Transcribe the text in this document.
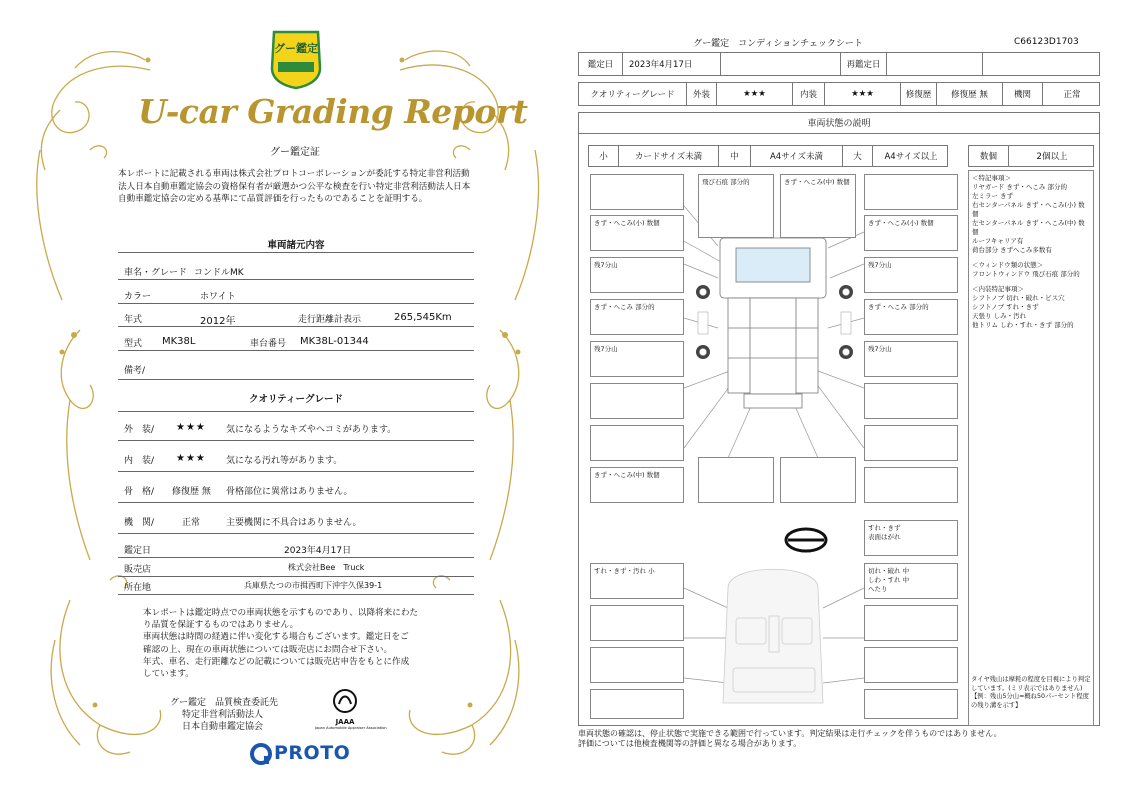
グー鑑定
U-car Grading Report
グー鑑定証
本レポートに記載される車両は株式会社プロトコーポレーションが委託する特定非営利活動法人日本自動車鑑定協会の資格保有者が厳選かつ公平な検査を行い特定非営利活動法人日本自動車鑑定協会の定める基準にて品質評価を行ったものであることを証明する。
車両諸元内容
車名・グレード コンドルMK
カラー	ホワイト
年式	2012年	走行距離計表示	265,545Km
型式 MK38L	車台番号 MK38L-01344
備考/
クオリティーグレード
外　装/ ★★★ 気になるようなキズやヘコミがあります。
内　装/ ★★★ 気になる汚れ等があります。
骨　格/ 修復歴 無 骨格部位に異常はありません。
機　関/	正常	主要機関に不具合はありません。
鑑定日	2023年4月17日
販売店	株式会社Bee　Truck
所在地	兵庫県たつの市揖西町下沖宇久保39-1
本レポートは鑑定時点での車両状態を示すものであり、以降将来にわた
り品質を保証するものではありません。
車両状態は時間の経過に伴い変化する場合もございます。鑑定日をご
確認の上、現在の車両状態については販売店にお問合せ下さい。
年式、車名、走行距離などの記載については販売店申告をもとに作成
しています。
グー鑑定　品質検査委託先
特定非営利活動法人
日本自動車鑑定協会	JAAA
Japan Automobile Appraiser Association
PROTO
グー鑑定　コンディションチェックシート	C66123D1703
鑑定日	2023年4月17日	再鑑定日
クオリティーグレード	外装	★★★	内装	★★★	修復歴	修復歴 無	機関	正常
車両状態の説明
小	カードサイズ未満	中	A4サイズ未満	大	A4サイズ以上	数個	2個以上
飛び石痕 部分的	きず・へこみ(中) 数個
きず・へこみ(小) 数個	きず・へこみ(小) 数個
残7分山	残7分山
きず・へこみ 部分的	きず・へこみ 部分的
残7分山	残7分山
きず・へこみ(中) 数個
すれ・きず
表面はがれ
すれ・きず・汚れ 小	切れ・破れ 中
しわ・すれ 中
へたり

＜特記事項＞

リヤガード きず・へこみ 部分的

左ミラー きず

右センターパネル きず・へこみ(小) 数個

左センターパネル きず・へこみ(中) 数個

ルーフキャリア有

荷台部分 きずへこみ多数有

＜ウィンドウ類の状態＞

フロントウィンドウ 飛び石痕 部分的

＜内装特記事項＞

シフトノブ 切れ・破れ・ビス穴

シフトノブ すれ・きず

天張り しみ・汚れ

他トリム しわ・すれ・きず 部分的

タイヤ残山は摩耗の程度を目視により判定しています。(ミリ表示ではありません)
【例：残山5分山=概ね50パーセント程度の残り溝を示す】
車両状態の確認は、停止状態で実施できる範囲で行っています。判定結果は走行チェックを伴うものではありません。
評価については他検査機関等の評価と異なる場合があります。
